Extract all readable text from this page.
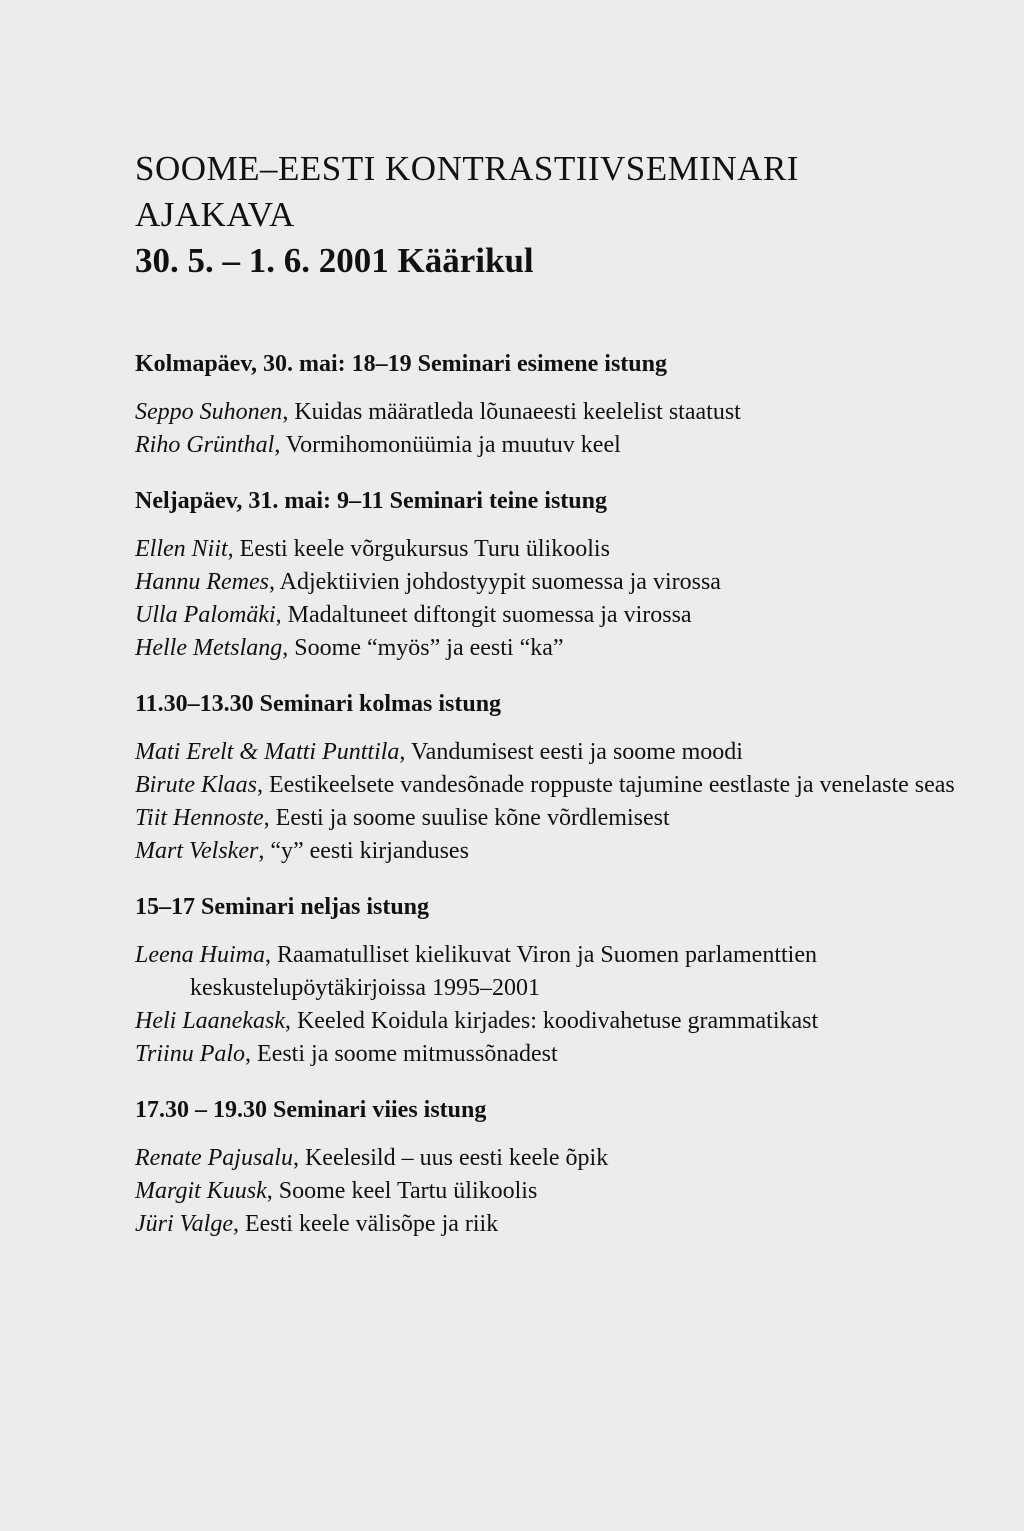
SOOME–EESTI KONTRASTIIVSEMINARI
AJAKAVA
30. 5. – 1. 6. 2001 Käärikul
Kolmapäev, 30. mai: 18–19 Seminari esimene istung
Seppo Suhonen, Kuidas määratleda lõunaeesti keelelist staatust
Riho Grünthal, Vormihomonüümia ja muutuv keel
Neljapäev, 31. mai: 9–11 Seminari teine istung
Ellen Niit, Eesti keele võrgukursus Turu ülikoolis
Hannu Remes, Adjektiivien johdostyypit suomessa ja virossa
Ulla Palomäki, Madaltuneet diftongit suomessa ja virossa
Helle Metslang, Soome “myös” ja eesti “ka”
11.30–13.30 Seminari kolmas istung
Mati Erelt & Matti Punttila, Vandumisest eesti ja soome moodi
Birute Klaas, Eestikeelsete vandesõnade roppuste tajumine eestlaste ja venelaste seas
Tiit Hennoste, Eesti ja soome suulise kõne võrdlemisest
Mart Velsker, “y” eesti kirjanduses
15–17 Seminari neljas istung
Leena Huima, Raamatulliset kielikuvat Viron ja Suomen parlamenttien keskustelupöytäkirjoissa 1995–2001
Heli Laanekask, Keeled Koidula kirjades: koodivahetuse grammatikast
Triinu Palo, Eesti ja soome mitmussõnadest
17.30 – 19.30 Seminari viies istung
Renate Pajusalu, Keelesild – uus eesti keele õpik
Margit Kuusk, Soome keel Tartu ülikoolis
Jüri Valge, Eesti keele välisõpe ja riik
